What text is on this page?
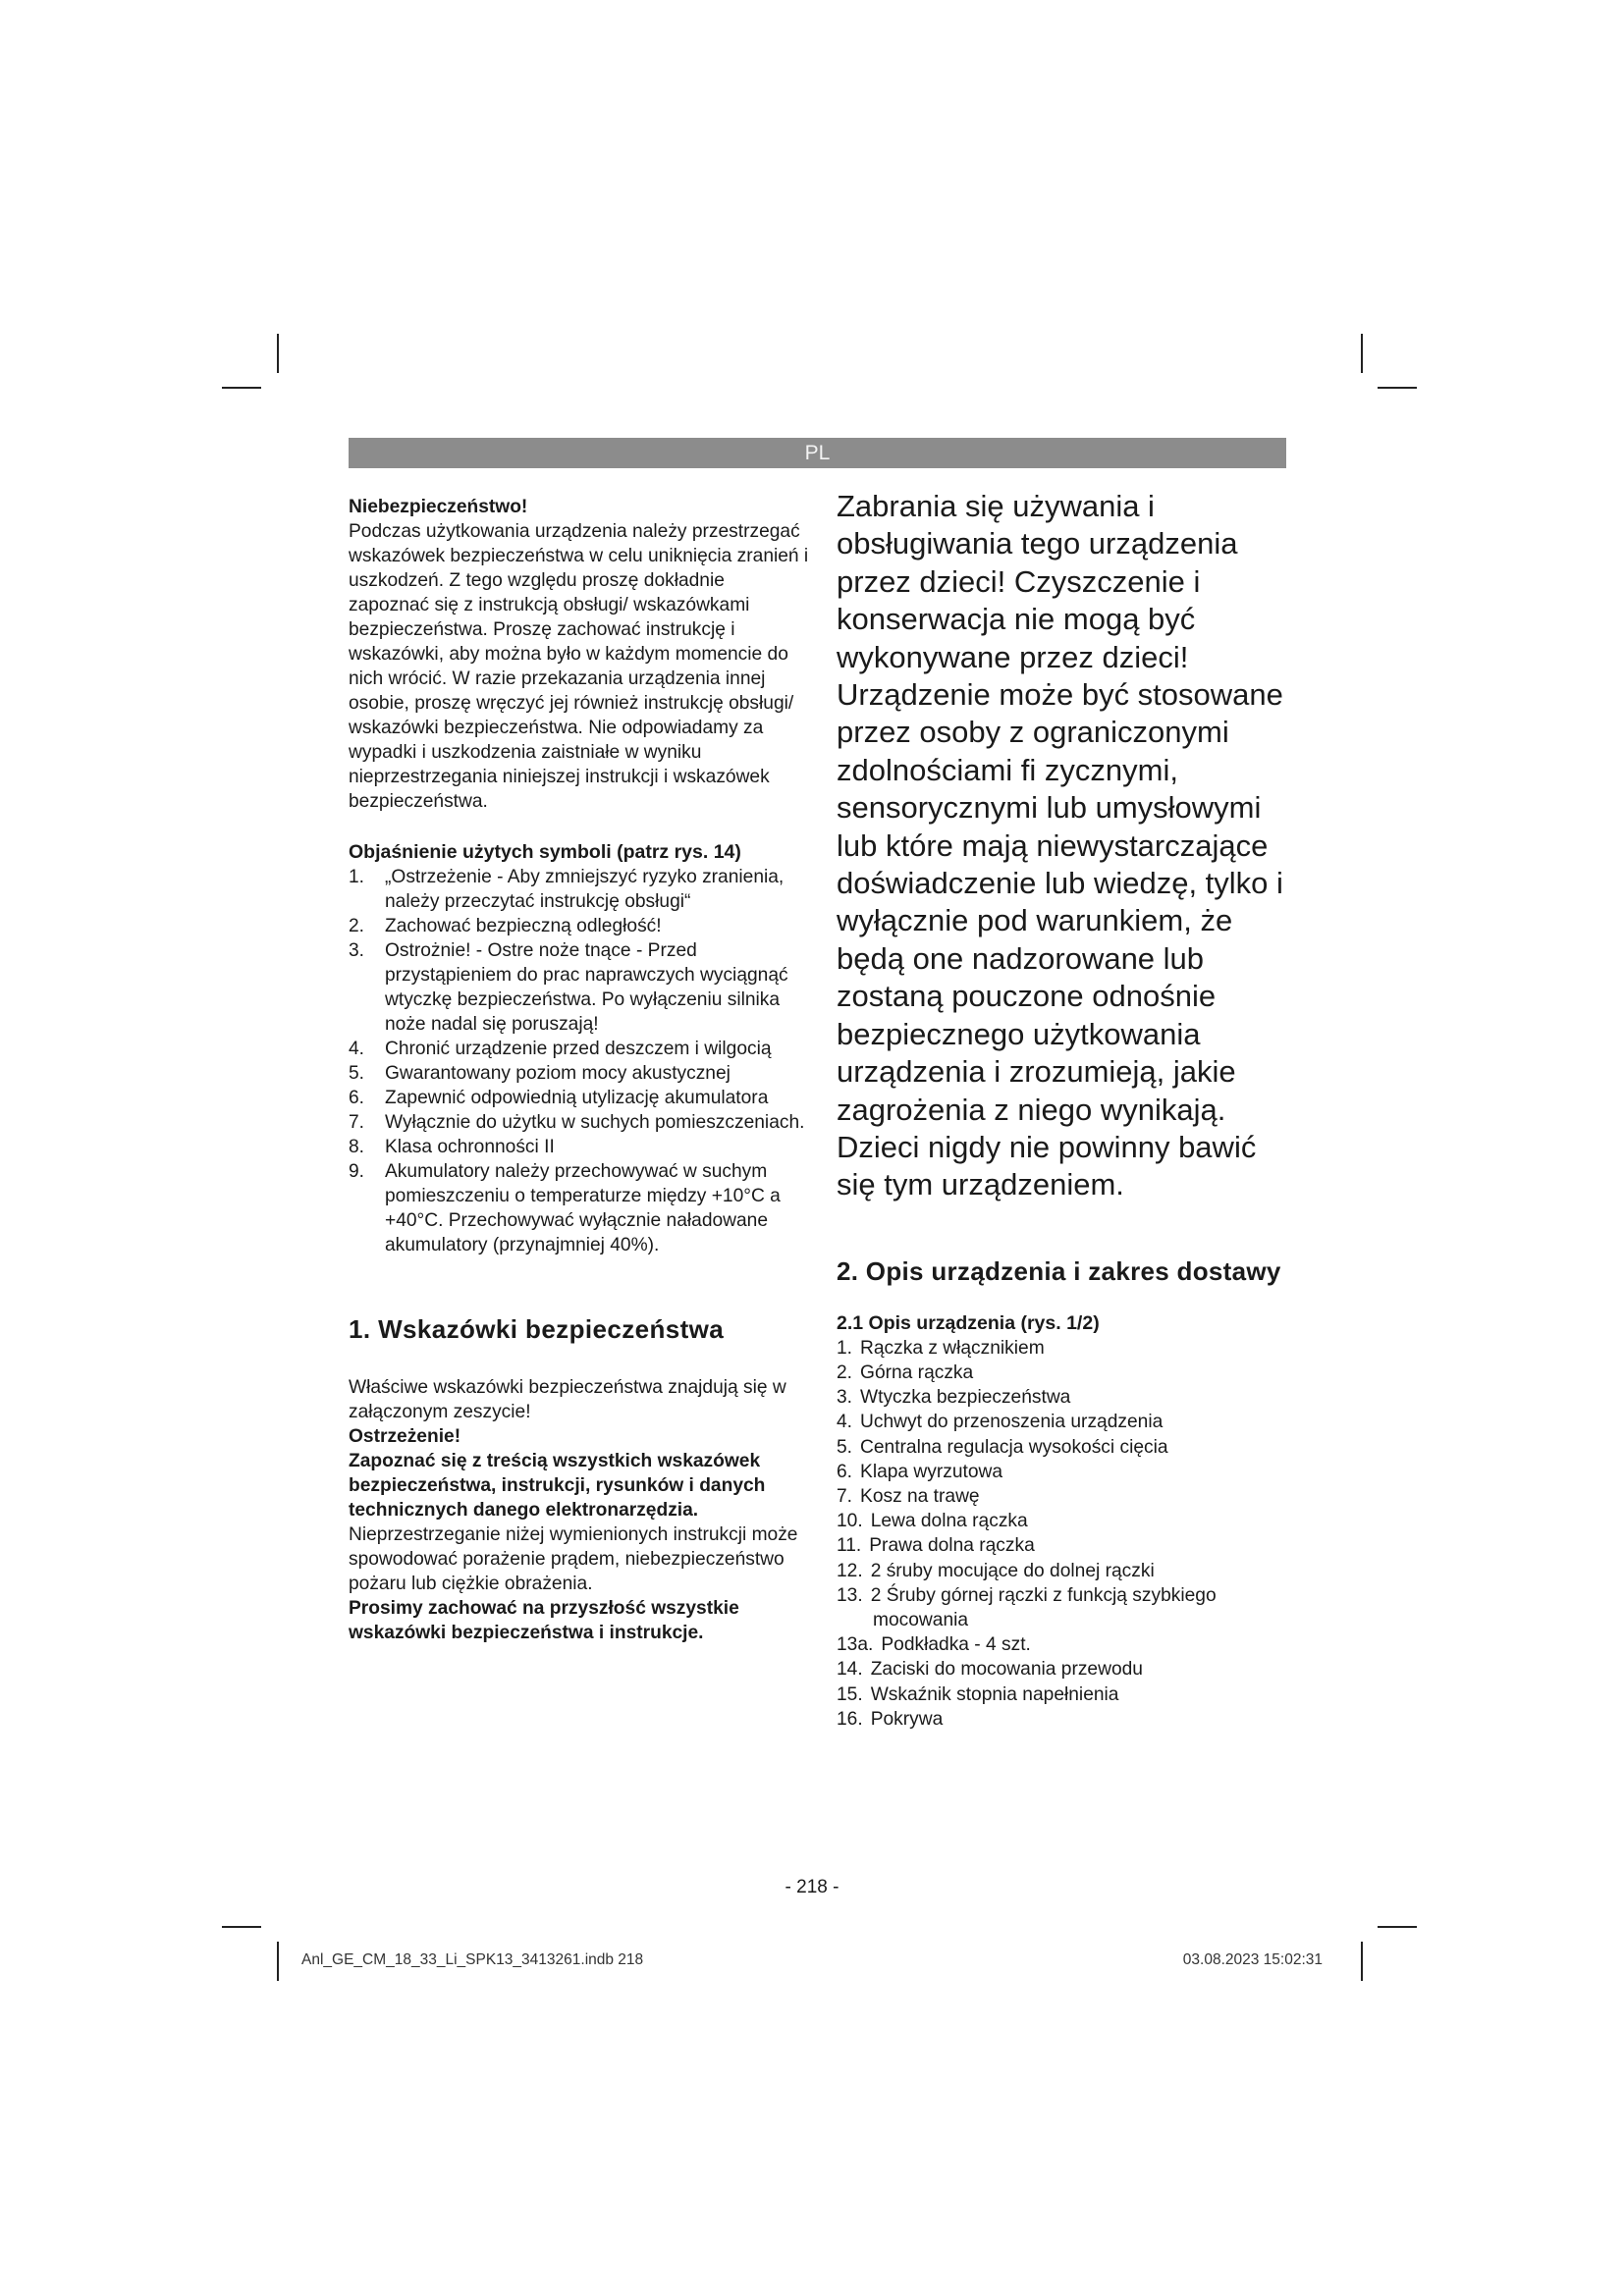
PL

Niebezpieczeństwo!

Podczas użytkowania urządzenia należy przestrzegać wskazówek bezpieczeństwa w celu uniknięcia zranień i uszkodzeń. Z tego względu proszę dokładnie zapoznać się z instrukcją obsługi/ wskazówkami bezpieczeństwa. Proszę zachować instrukcję i wskazówki, aby można było w każdym momencie do nich wrócić. W razie przekazania urządzenia innej osobie, proszę wręczyć jej również instrukcję obsługi/ wskazówki bezpieczeństwa. Nie odpowiadamy za wypadki i uszkodzenia zaistniałe w wyniku nieprzestrzegania niniejszej instrukcji i wskazówek bezpieczeństwa.

Objaśnienie użytych symboli (patrz rys. 14)

1. „Ostrzeżenie - Aby zmniejszyć ryzyko zranienia, należy przeczytać instrukcję obsługi“
2. Zachować bezpieczną odległość!
3. Ostrożnie! - Ostre noże tnące - Przed przystąpieniem do prac naprawczych wyciągnąć wtyczkę bezpieczeństwa. Po wyłączeniu silnika noże nadal się poruszają!
4. Chronić urządzenie przed deszczem i wilgocią
5. Gwarantowany poziom mocy akustycznej
6. Zapewnić odpowiednią utylizację akumulatora
7. Wyłącznie do użytku w suchych pomieszczeniach.
8. Klasa ochronności II
9. Akumulatory należy przechowywać w suchym pomieszczeniu o temperaturze między +10°C a +40°C. Przechowywać wyłącznie naładowane akumulatory (przynajmniej 40%).

1. Wskazówki bezpieczeństwa

Właściwe wskazówki bezpieczeństwa znajdują się w załączonym zeszycie!

Ostrzeżenie!

Zapoznać się z treścią wszystkich wskazówek bezpieczeństwa, instrukcji, rysunków i danych technicznych danego elektronarzędzia. Nieprzestrzeganie niżej wymienionych instrukcji może spowodować porażenie prądem, niebezpieczeństwo pożaru lub ciężkie obrażenia.

Prosimy zachować na przyszłość wszystkie wskazówki bezpieczeństwa i instrukcje.

Zabrania się używania i obsługiwania tego urządzenia przez dzieci! Czyszczenie i konserwacja nie mogą być wykonywane przez dzieci! Urządzenie może być stosowane przez osoby z ograniczonymi zdolnościami fi zycznymi, sensorycznymi lub umysłowymi lub które mają niewystarczające doświadczenie lub wiedzę, tylko i wyłącznie pod warunkiem, że będą one nadzorowane lub zostaną pouczone odnośnie bezpiecznego użytkowania urządzenia i zrozumieją, jakie zagrożenia z niego wynikają. Dzieci nigdy nie powinny bawić się tym urządzeniem.

2. Opis urządzenia i zakres dostawy

2.1 Opis urządzenia (rys. 1/2)

1. Rączka z włącznikiem
2. Górna rączka
3. Wtyczka bezpieczeństwa
4. Uchwyt do przenoszenia urządzenia
5. Centralna regulacja wysokości cięcia
6. Klapa wyrzutowa
7. Kosz na trawę
10. Lewa dolna rączka
11. Prawa dolna rączka
12. 2 śruby mocujące do dolnej rączki
13. 2 Śruby górnej rączki z funkcją szybkiego mocowania
13a. Podkładka - 4 szt.
14. Zaciski do mocowania przewodu
15. Wskaźnik stopnia napełnienia
16. Pokrywa
- 218 -
Anl_GE_CM_18_33_Li_SPK13_3413261.indb 218	03.08.2023 15:02:31
